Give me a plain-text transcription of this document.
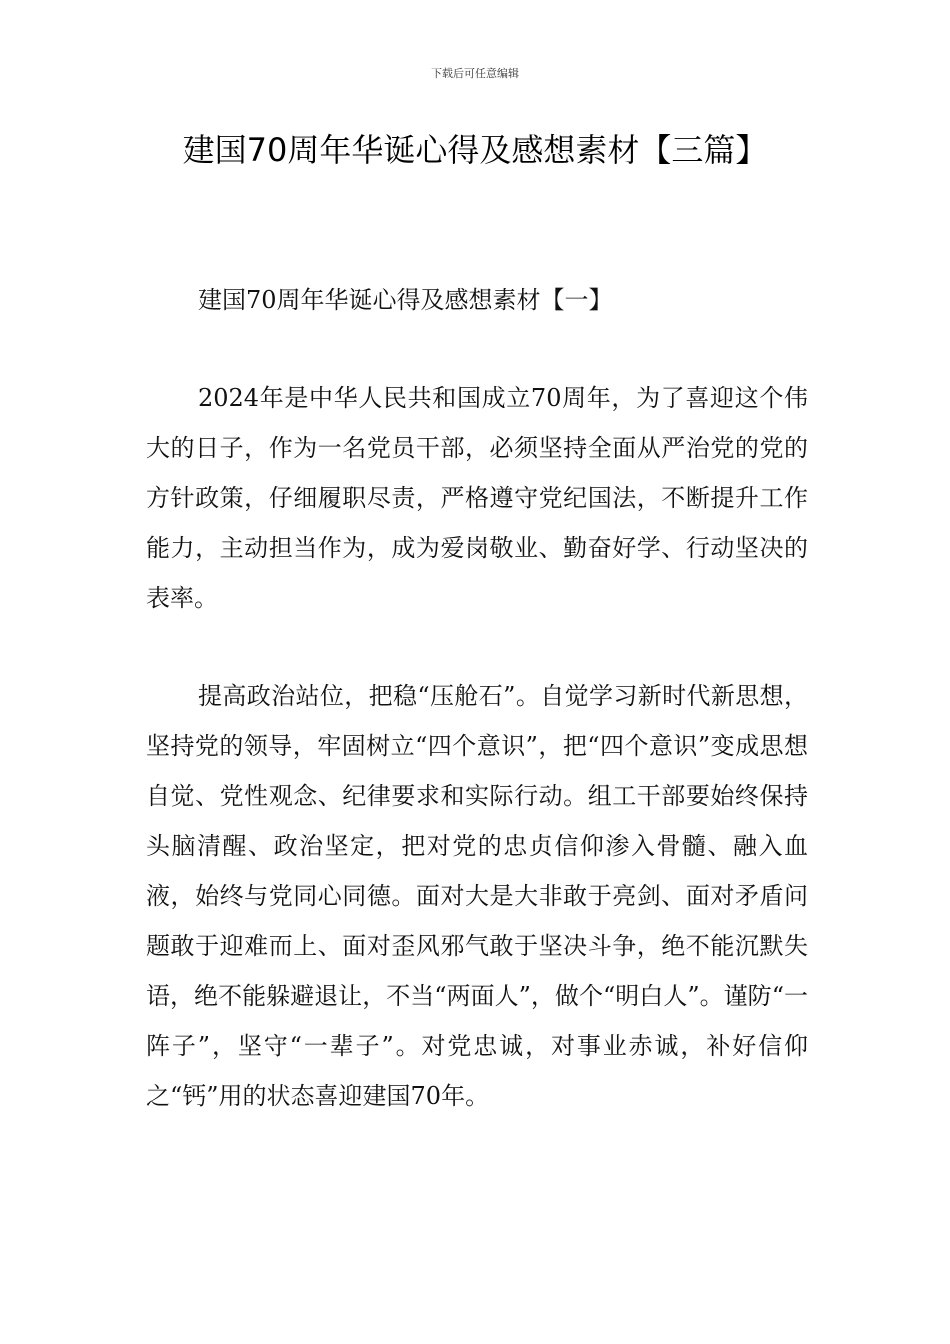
下载后可任意编辑
建国70周年华诞心得及感想素材【三篇】
建国70周年华诞心得及感想素材【一】

2024年是中华人民共和国成立70周年，为了喜迎这个伟大的日子，作为一名党员干部，必须坚持全面从严治党的党的方针政策，仔细履职尽责，严格遵守党纪国法，不断提升工作能力，主动担当作为，成为爱岗敬业、勤奋好学、行动坚决的表率。

提高政治站位，把稳“压舱石”。自觉学习新时代新思想，坚持党的领导，牢固树立“四个意识”，把“四个意识”变成思想自觉、党性观念、纪律要求和实际行动。组工干部要始终保持头脑清醒、政治坚定，把对党的忠贞信仰渗入骨髓、融入血液，始终与党同心同德。面对大是大非敢于亮剑、面对矛盾问题敢于迎难而上、面对歪风邪气敢于坚决斗争，绝不能沉默失语，绝不能躲避退让，不当“两面人”，做个“明白人”。谨防“一阵子”，坚守“一辈子”。对党忠诚，对事业赤诚，补好信仰之“钙”用的状态喜迎建国70年。
